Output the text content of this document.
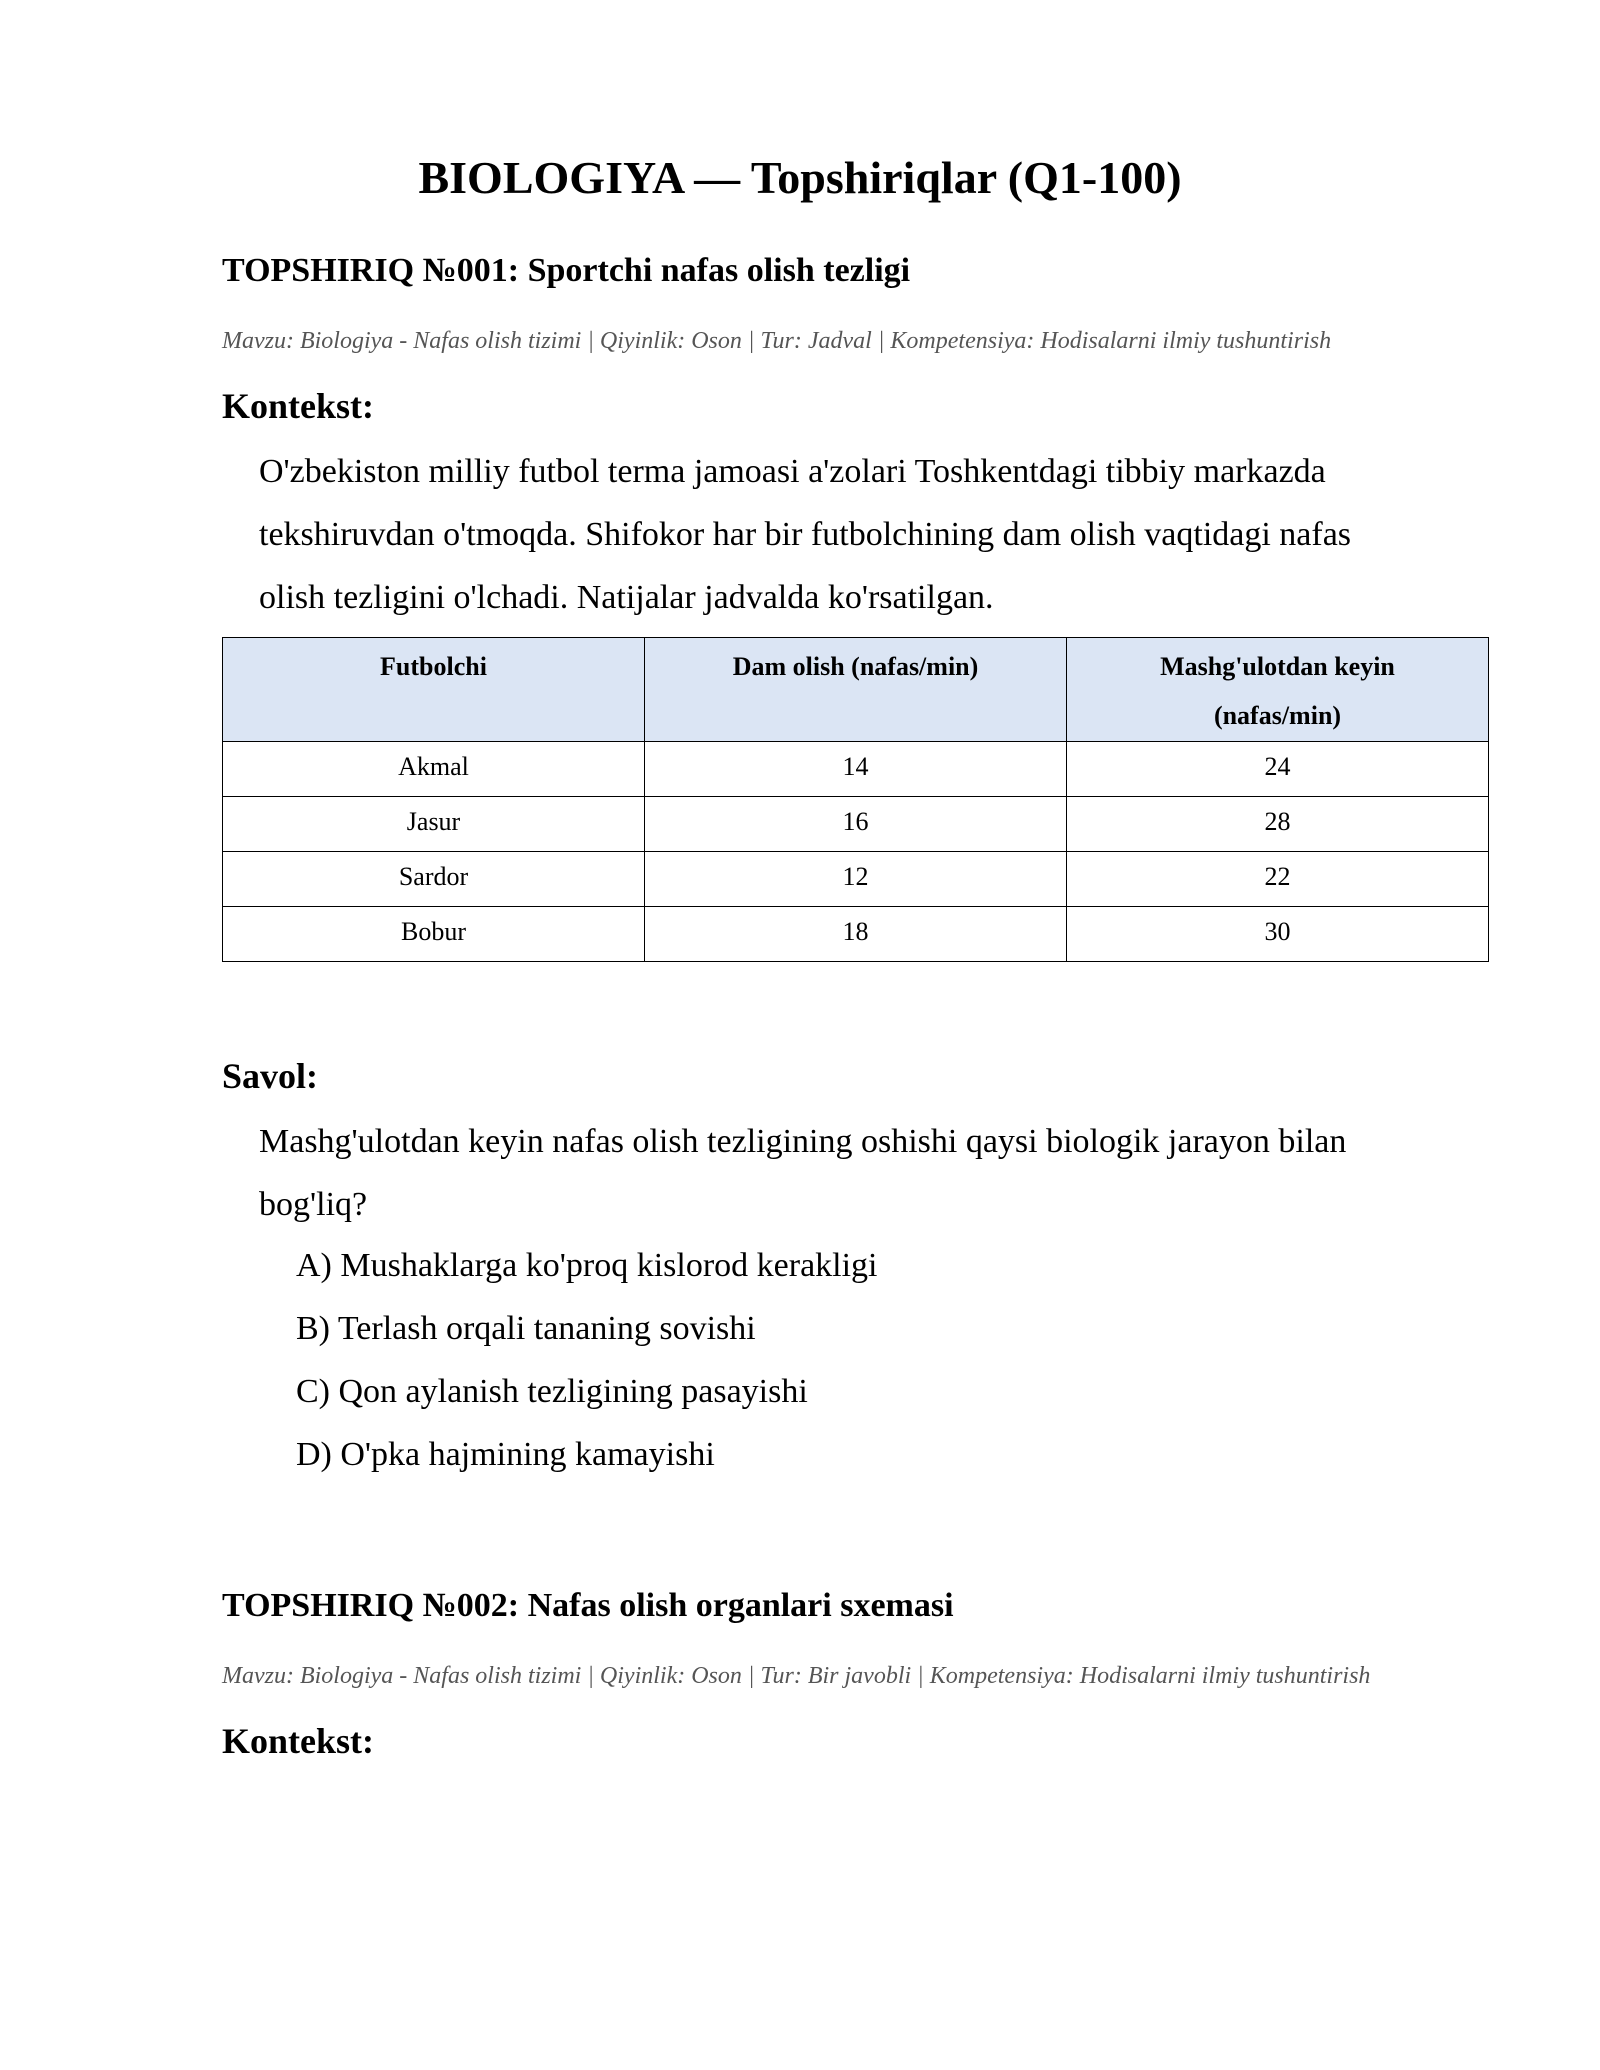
BIOLOGIYA — Topshiriqlar (Q1-100)
TOPSHIRIQ №001: Sportchi nafas olish tezligi
Mavzu: Biologiya - Nafas olish tizimi | Qiyinlik: Oson | Tur: Jadval | Kompetensiya: Hodisalarni ilmiy tushuntirish
Kontekst:
O'zbekiston milliy futbol terma jamoasi a'zolari Toshkentdagi tibbiy markazda
tekshiruvdan o'tmoqda. Shifokor har bir futbolchining dam olish vaqtidagi nafas
olish tezligini o'lchadi. Natijalar jadvalda ko'rsatilgan.
Futbolchi	Dam olish (nafas/min)	Mashg'ulotdan keyin
(nafas/min)
Akmal	14	24
Jasur	16	28
Sardor	12	22
Bobur	18	30
Savol:
Mashg'ulotdan keyin nafas olish tezligining oshishi qaysi biologik jarayon bilan
bog'liq?
A) Mushaklarga ko'proq kislorod kerakligi
B) Terlash orqali tananing sovishi
C) Qon aylanish tezligining pasayishi
D) O'pka hajmining kamayishi
TOPSHIRIQ №002: Nafas olish organlari sxemasi
Mavzu: Biologiya - Nafas olish tizimi | Qiyinlik: Oson | Tur: Bir javobli | Kompetensiya: Hodisalarni ilmiy tushuntirish
Kontekst:
